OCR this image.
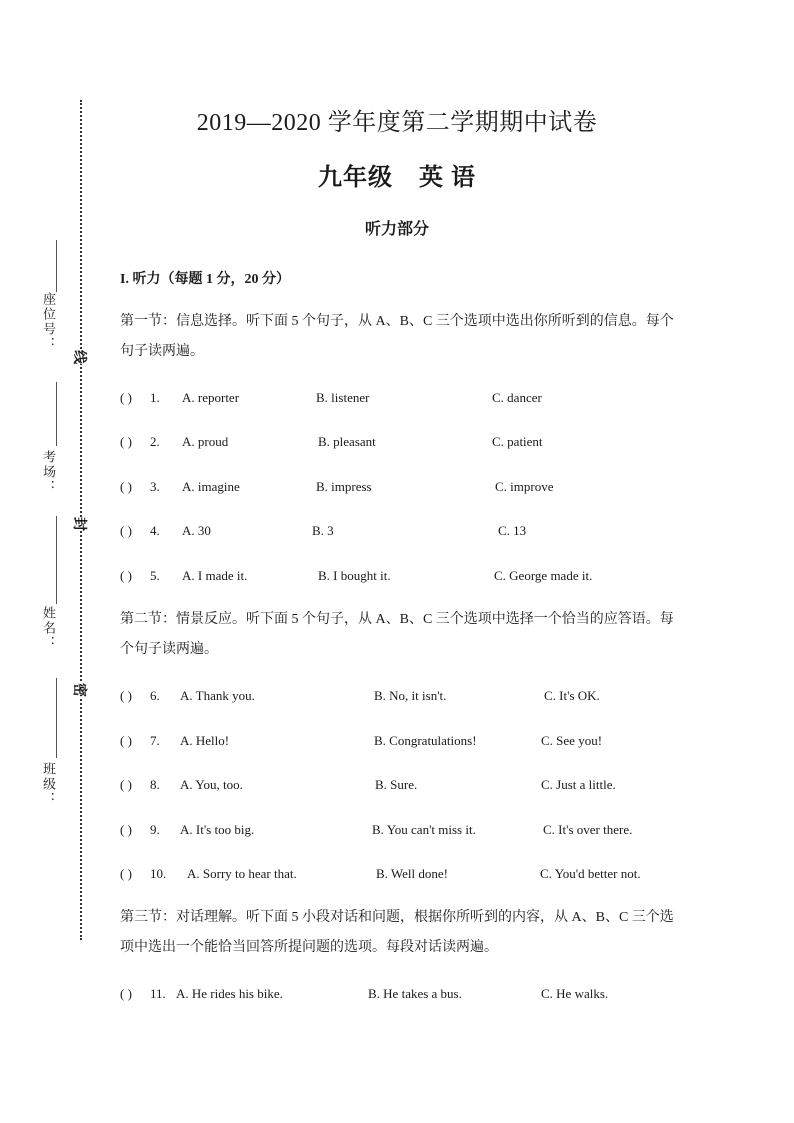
座位号：
考场：
姓名：
班级：
线
封
密
2019—2020 学年度第二学期期中试卷
九年级 英 语
听力部分
I. 听力（每题 1 分，20 分）
第一节：信息选择。听下面 5 个句子，从 A、B、C 三个选项中选出你所听到的信息。每个句子读两遍。
( ) 1. A. reporter	B. listener	C. dancer
( ) 2. A. proud	B. pleasant	C. patient
( ) 3. A. imagine	B. impress	C. improve
( ) 4. A. 30	B. 3	C. 13
( ) 5. A. I made it.	B. I bought it.	C. George made it.
第二节：情景反应。听下面 5 个句子，从 A、B、C 三个选项中选择一个恰当的应答语。每个句子读两遍。
( ) 6. A. Thank you.	B. No, it isn't.	C. It's OK.
( ) 7. A. Hello!	B. Congratulations!	C. See you!
( ) 8. A. You, too.	B. Sure.	C. Just a little.
( ) 9. A. It's too big.	B. You can't miss it.	C. It's over there.
( ) 10. A. Sorry to hear that.	B. Well done!	C. You'd better not.
第三节：对话理解。听下面 5 小段对话和问题，根据你所听到的内容，从 A、B、C 三个选项中选出一个能恰当回答所提问题的选项。每段对话读两遍。
( ) 11. A. He rides his bike.	B. He takes a bus.	C. He walks.
